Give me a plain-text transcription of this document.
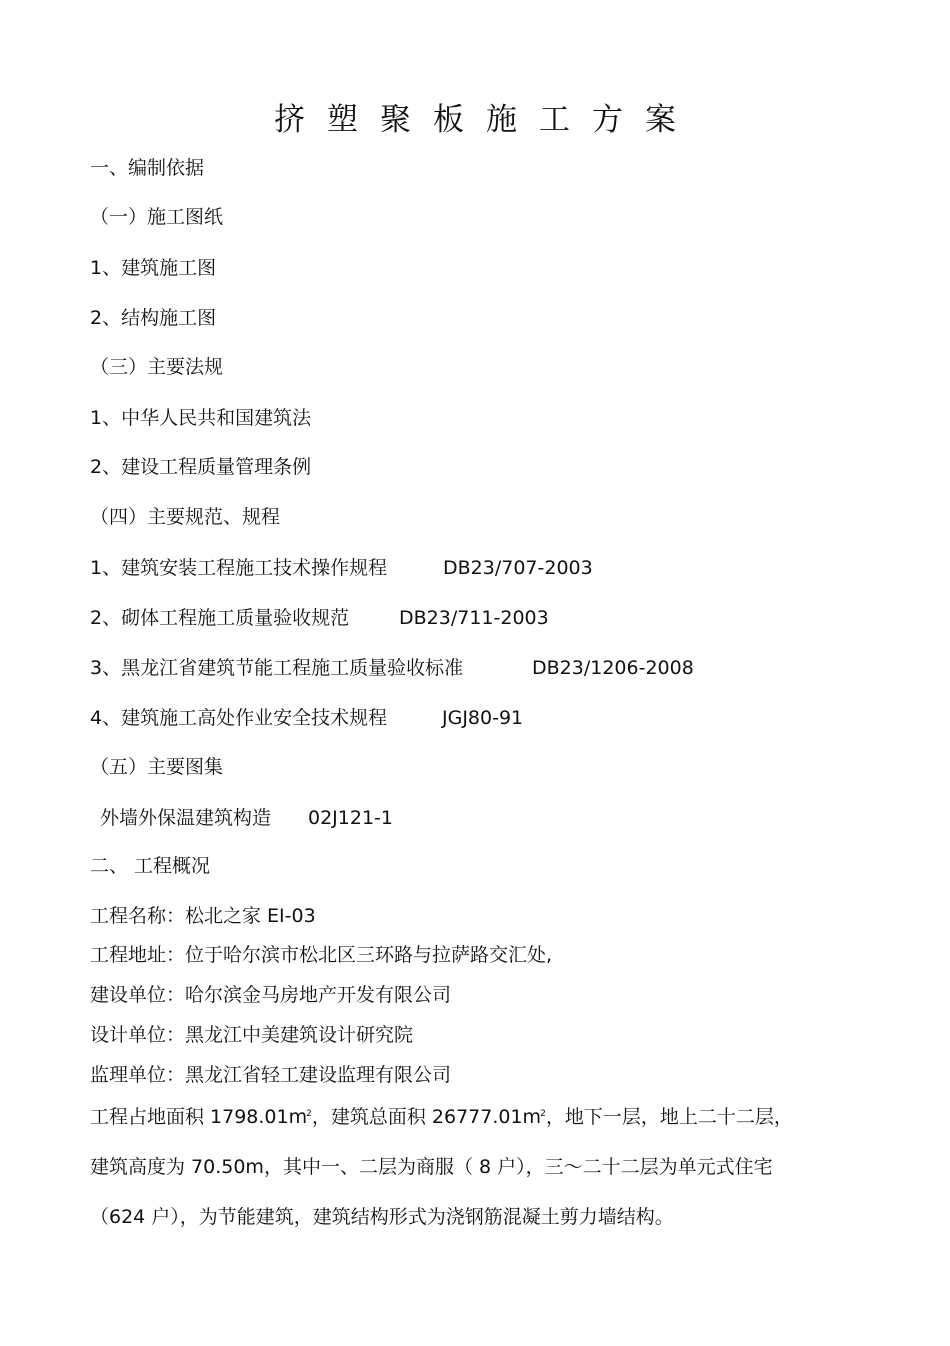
挤塑聚板施工方案
一、编制依据
（一）施工图纸
1、建筑施工图
2、结构施工图
（三）主要法规
1、中华人民共和国建筑法
2、建设工程质量管理条例
（四）主要规范、规程
1、建筑安装工程施工技术操作规程	DB23/707-2003
2、砌体工程施工质量验收规范	DB23/711-2003
3、黑龙江省建筑节能工程施工质量验收标准	DB23/1206-2008
4、建筑施工高处作业安全技术规程	JGJ80-91
（五）主要图集
外墙外保温建筑构造 02J121-1
二、 工程概况
工程名称：松北之家 EI-03
工程地址：位于哈尔滨市松北区三环路与拉萨路交汇处,
建设单位：哈尔滨金马房地产开发有限公司
设计单位：黑龙江中美建筑设计研究院
监理单位：黑龙江省轻工建设监理有限公司
工程占地面积 $1798.01m^2$，建筑总面积 $26777.01m^2$，地下一层，地上二十二层，
建筑高度为 70.50m，其中一、二层为商服（ 8 户），三～二十二层为单元式住宅
（624 户），为节能建筑，建筑结构形式为浇钢筋混凝土剪力墙结构。
